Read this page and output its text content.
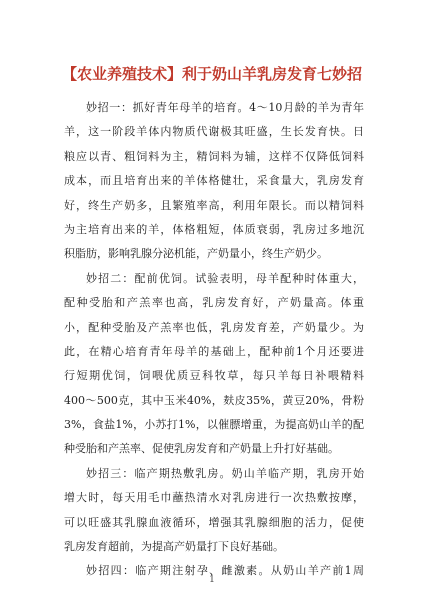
【农业养殖技术】利于奶山羊乳房发育七妙招
妙招一：抓好青年母羊的培育。4～10月龄的羊为青年
羊，这一阶段羊体内物质代谢极其旺盛，生长发育快。日
粮应以青、粗饲料为主，精饲料为辅，这样不仅降低饲料
成本，而且培育出来的羊体格健壮，采食量大，乳房发育
好，终生产奶多，且繁殖率高，利用年限长。而以精饲料
为主培育出来的羊，体格粗短，体质衰弱，乳房过多地沉
积脂肪，影响乳腺分泌机能，产奶量小，终生产奶少。
妙招二：配前优饲。试验表明，母羊配种时体重大，
配种受胎和产羔率也高，乳房发育好，产奶量高。体重
小，配种受胎及产羔率也低，乳房发育差，产奶量少。为
此，在精心培育青年母羊的基础上，配种前1个月还要进
行短期优饲，饲喂优质豆科牧草，每只羊每日补喂精料
400～500克，其中玉米40%，麸皮35%，黄豆20%，骨粉
3%，食盐1%，小苏打1%，以催膘增重，为提高奶山羊的配
种受胎和产羔率、促使乳房发育和产奶量上升打好基础。
妙招三：临产期热敷乳房。奶山羊临产期，乳房开始
增大时，每天用毛巾蘸热清水对乳房进行一次热敷按摩，
可以旺盛其乳腺血液循环，增强其乳腺细胞的活力，促使
乳房发育超前，为提高产奶量打下良好基础。
妙招四：临产期注射孕、雌激素。从奶山羊产前1周
1
